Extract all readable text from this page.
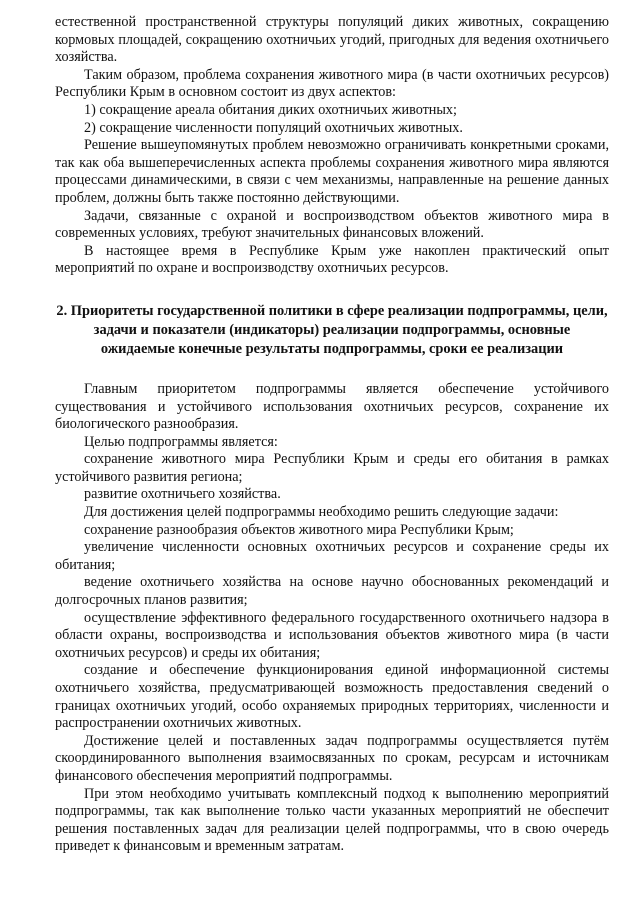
естественной пространственной структуры популяций диких животных, сокращению кормовых площадей, сокращению охотничьих угодий, пригодных для ведения охотничьего хозяйства.

Таким образом, проблема сохранения животного мира (в части охотничьих ресурсов) Республики Крым в основном состоит из двух аспектов:

1) сокращение ареала обитания диких охотничьих животных;

2) сокращение численности популяций охотничьих животных.

Решение вышеупомянутых проблем невозможно ограничивать конкретными сроками, так как оба вышеперечисленных аспекта проблемы сохранения животного мира являются процессами динамическими, в связи с чем механизмы, направленные на решение данных проблем, должны быть также постоянно действующими.

Задачи, связанные с охраной и воспроизводством объектов животного мира в современных условиях, требуют значительных финансовых вложений.

В настоящее время в Республике Крым уже накоплен практический опыт мероприятий по охране и воспроизводству охотничьих ресурсов.

2. Приоритеты государственной политики в сфере реализации подпрограммы, цели, задачи и показатели (индикаторы) реализации подпрограммы, основные ожидаемые конечные результаты подпрограммы, сроки ее реализации

Главным приоритетом подпрограммы является обеспечение устойчивого существования и устойчивого использования охотничьих ресурсов, сохранение их биологического разнообразия.

Целью подпрограммы является:

сохранение животного мира Республики Крым и среды его обитания в рамках устойчивого развития региона;

развитие охотничьего хозяйства.

Для достижения целей подпрограммы необходимо решить следующие задачи:

сохранение разнообразия объектов животного мира Республики Крым;

увеличение численности основных охотничьих ресурсов и сохранение среды их обитания;

ведение охотничьего хозяйства на основе научно обоснованных рекомендаций и долгосрочных планов развития;

осуществление эффективного федерального государственного охотничьего надзора в области охраны, воспроизводства и использования объектов животного мира (в части охотничьих ресурсов) и среды их обитания;

создание и обеспечение функционирования единой информационной системы охотничьего хозяйства, предусматривающей возможность предоставления сведений о границах охотничьих угодий, особо охраняемых природных территориях, численности и распространении охотничьих животных.

Достижение целей и поставленных задач подпрограммы осуществляется путём скоординированного выполнения взаимосвязанных по срокам, ресурсам и источникам финансового обеспечения мероприятий подпрограммы.

При этом необходимо учитывать комплексный подход к выполнению мероприятий подпрограммы, так как выполнение только части указанных мероприятий не обеспечит решения поставленных задач для реализации целей подпрограммы, что в свою очередь приведет к финансовым и временным затратам.
